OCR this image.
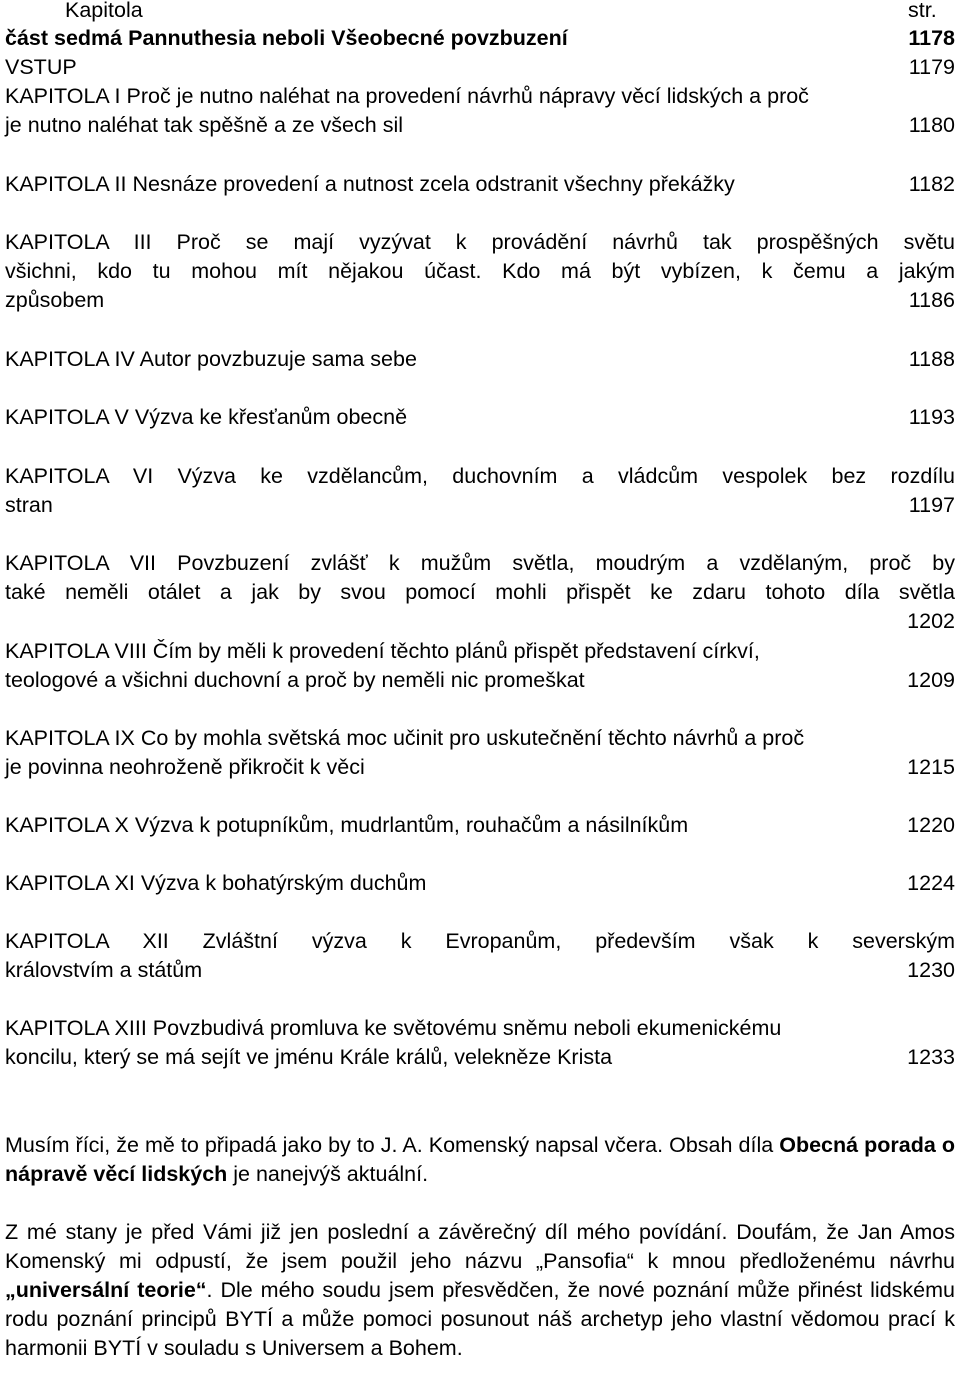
Kapitola	str.
část sedmá Pannuthesia neboli Všeobecné povzbuzení	1178
VSTUP	1179
KAPITOLA I Proč je nutno naléhat na provedení návrhů nápravy věcí lidských a proč
je nutno naléhat tak spěšně a ze všech sil	1180
KAPITOLA II Nesnáze provedení a nutnost zcela odstranit všechny překážky	1182
KAPITOLA III Proč se mají vyzývat k provádění návrhů tak prospěšných světu
všichni, kdo tu mohou mít nějakou účast. Kdo má být vybízen, k čemu a jakým
způsobem	1186
KAPITOLA IV Autor povzbuzuje sama sebe	1188
KAPITOLA V Výzva ke křesťanům obecně	1193
KAPITOLA VI Výzva ke vzdělancům, duchovním a vládcům vespolek bez rozdílu
stran	1197
KAPITOLA VII Povzbuzení zvlášť k mužům světla, moudrým a vzdělaným, proč by
také neměli otálet a jak by svou pomocí mohli přispět ke zdaru tohoto díla světla
1202
KAPITOLA VIII Čím by měli k provedení těchto plánů přispět představení církví,
teologové a všichni duchovní a proč by neměli nic promeškat	1209
KAPITOLA IX Co by mohla světská moc učinit pro uskutečnění těchto návrhů a proč
je povinna neohroženě přikročit k věci	1215
KAPITOLA X Výzva k potupníkům, mudrlantům, rouhačům a násilníkům	1220
KAPITOLA XI Výzva k bohatýrským duchům	1224
KAPITOLA XII Zvláštní výzva k Evropanům, především však k severským
královstvím a státům	1230
KAPITOLA XIII Povzbudivá promluva ke světovému sněmu neboli ekumenickému
koncilu, který se má sejít ve jménu Krále králů, velekněze Krista	1233
Musím říci, že mě to připadá jako by to J. A. Komenský napsal včera. Obsah díla Obecná porada o nápravě věcí lidských je nanejvýš aktuální.
Z mé stany je před Vámi již jen poslední a závěrečný díl mého povídání. Doufám, že Jan Amos Komenský mi odpustí, že jsem použil jeho názvu „Pansofia“ k mnou předloženému návrhu „universální teorie“. Dle mého soudu jsem přesvědčen, že nové poznání může přinést lidskému rodu poznání principů BYTÍ a může pomoci posunout náš archetyp jeho vlastní vědomou prací k harmonii BYTÍ v souladu s Universem a Bohem.
